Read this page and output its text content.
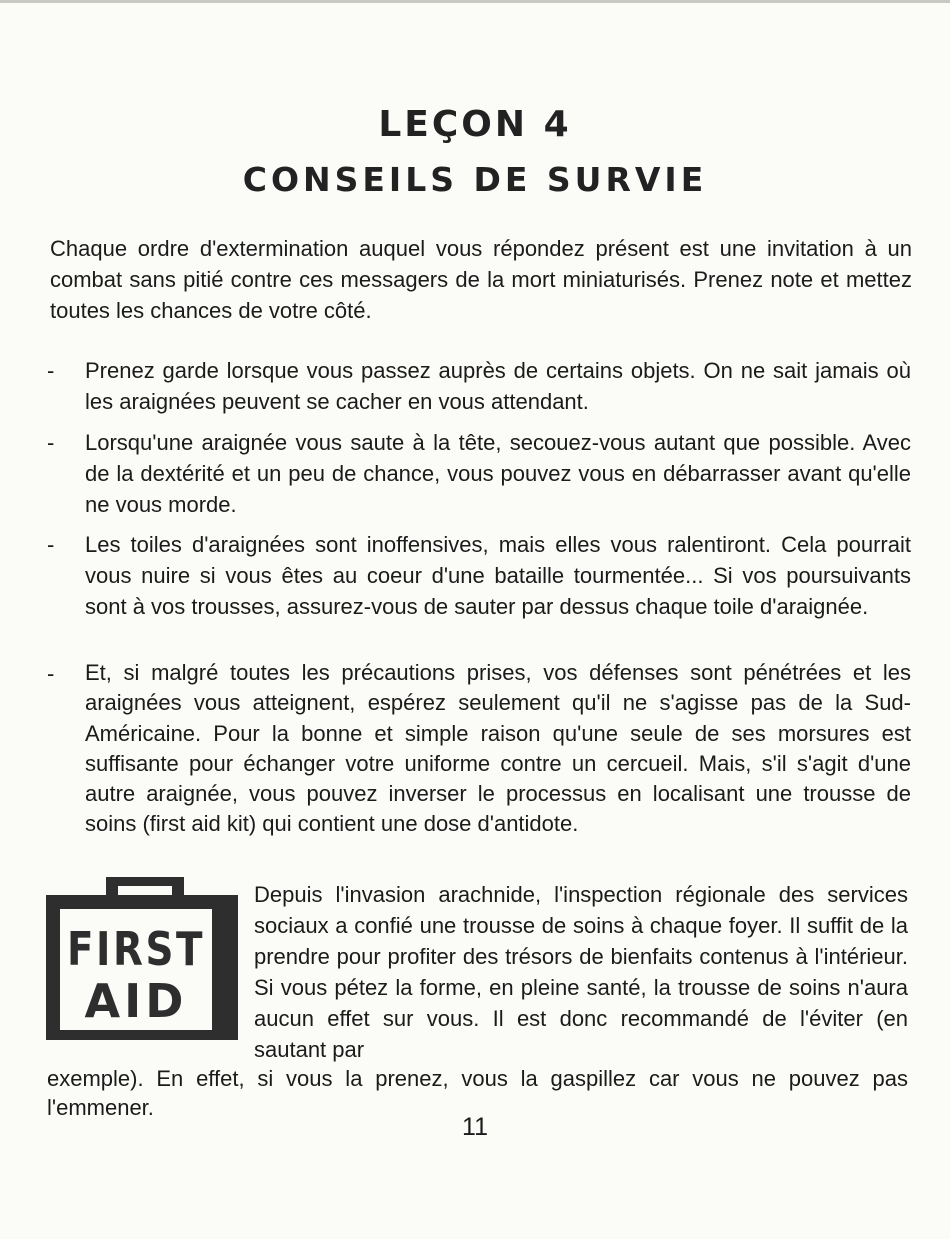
LEÇON 4
CONSEILS DE SURVIE

Chaque ordre d'extermination auquel vous répondez présent est une invitation à un combat sans pitié contre ces messagers de la mort miniaturisés. Prenez note et mettez toutes les chances de votre côté.

- Prenez garde lorsque vous passez auprès de certains objets. On ne sait jamais où les araignées peuvent se cacher en vous attendant.

- Lorsqu'une araignée vous saute à la tête, secouez-vous autant que possible. Avec de la dextérité et un peu de chance, vous pouvez vous en débarrasser avant qu'elle ne vous morde.

- Les toiles d'araignées sont inoffensives, mais elles vous ralentiront. Cela pourrait vous nuire si vous êtes au coeur d'une bataille tourmentée... Si vos poursuivants sont à vos trousses, assurez-vous de sauter par dessus chaque toile d'araignée.

- Et, si malgré toutes les précautions prises, vos défenses sont pénétrées et les araignées vous atteignent, espérez seulement qu'il ne s'agisse pas de la Sud-Américaine. Pour la bonne et simple raison qu'une seule de ses morsures est suffisante pour échanger votre uniforme contre un cercueil. Mais, s'il s'agit d'une autre araignée, vous pouvez inverser le processus en localisant une trousse de soins (first aid kit) qui contient une dose d'antidote.

FIRST
AID

Depuis l'invasion arachnide, l'inspection régionale des services sociaux a confié une trousse de soins à chaque foyer. Il suffit de la prendre pour profiter des trésors de bienfaits contenus à l'intérieur. Si vous pétez la forme, en pleine santé, la trousse de soins n'aura aucun effet sur vous. Il est donc recommandé de l'éviter (en sautant par

exemple). En effet, si vous la prenez, vous la gaspillez car vous ne pouvez pas l'emmener.

11
